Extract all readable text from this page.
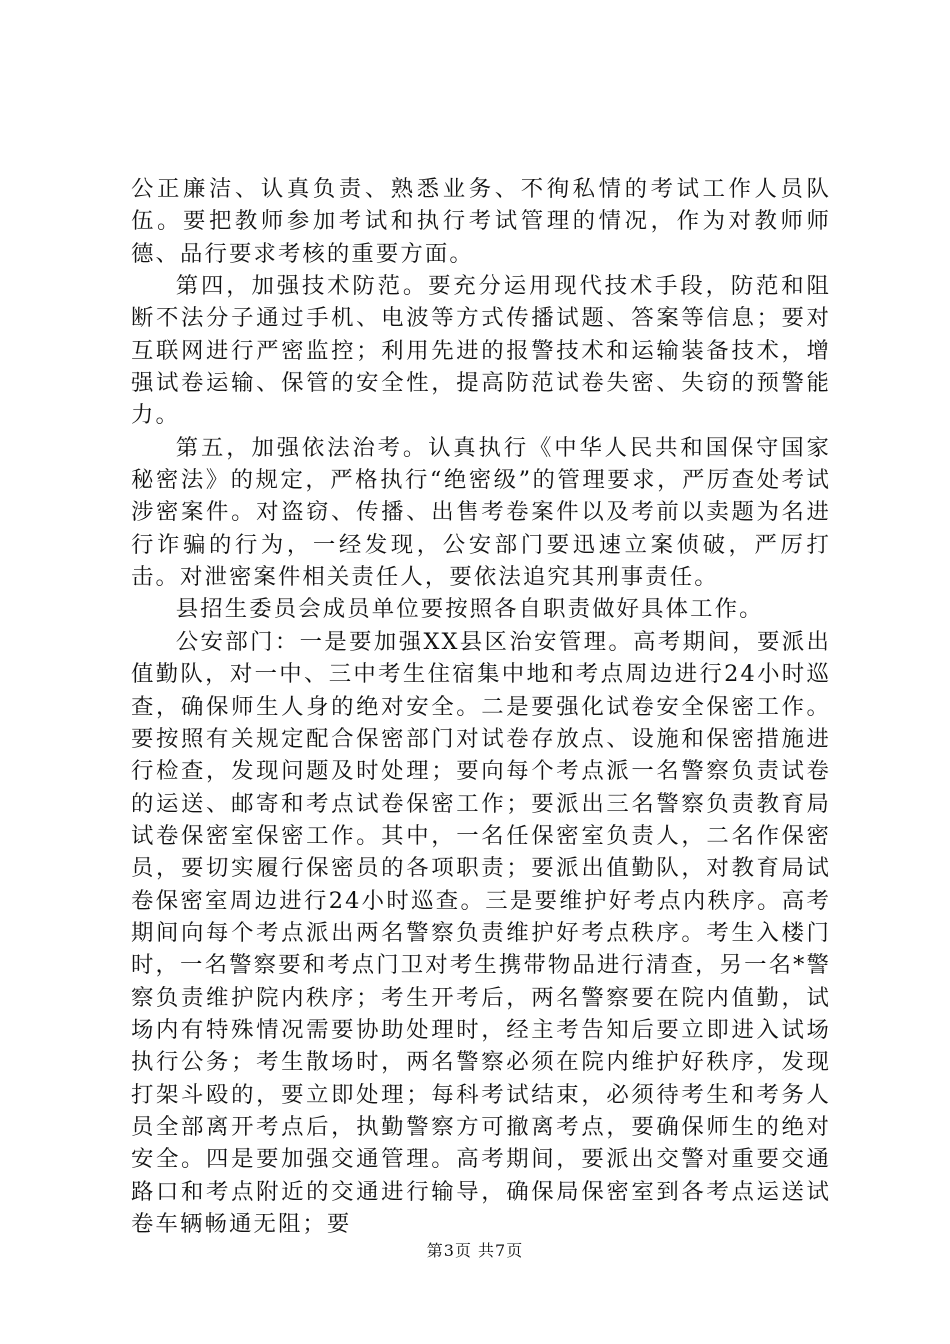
公正廉洁、认真负责、熟悉业务、不徇私情的考试工作人员队伍。要把教师参加考试和执行考试管理的情况，作为对教师师德、品行要求考核的重要方面。

第四，加强技术防范。要充分运用现代技术手段，防范和阻断不法分子通过手机、电波等方式传播试题、答案等信息；要对互联网进行严密监控；利用先进的报警技术和运输装备技术，增强试卷运输、保管的安全性，提高防范试卷失密、失窃的预警能力。

第五，加强依法治考。认真执行《中华人民共和国保守国家秘密法》的规定，严格执行“绝密级”的管理要求，严厉查处考试涉密案件。对盗窃、传播、出售考卷案件以及考前以卖题为名进行诈骗的行为，一经发现，公安部门要迅速立案侦破，严厉打击。对泄密案件相关责任人，要依法追究其刑事责任。

县招生委员会成员单位要按照各自职责做好具体工作。

公安部门：一是要加强XX县区治安管理。高考期间，要派出值勤队，对一中、三中考生住宿集中地和考点周边进行24小时巡查，确保师生人身的绝对安全。二是要强化试卷安全保密工作。要按照有关规定配合保密部门对试卷存放点、设施和保密措施进行检查，发现问题及时处理；要向每个考点派一名警察负责试卷的运送、邮寄和考点试卷保密工作；要派出三名警察负责教育局试卷保密室保密工作。其中，一名任保密室负责人，二名作保密员，要切实履行保密员的各项职责；要派出值勤队，对教育局试卷保密室周边进行24小时巡查。三是要维护好考点内秩序。高考期间向每个考点派出两名警察负责维护好考点秩序。考生入楼门时，一名警察要和考点门卫对考生携带物品进行清查，另一名*警察负责维护院内秩序；考生开考后，两名警察要在院内值勤，试场内有特殊情况需要协助处理时，经主考告知后要立即进入试场执行公务；考生散场时，两名警察必须在院内维护好秩序，发现打架斗殴的，要立即处理；每科考试结束，必须待考生和考务人员全部离开考点后，执勤警察方可撤离考点，要确保师生的绝对安全。四是要加强交通管理。高考期间，要派出交警对重要交通路口和考点附近的交通进行输导，确保局保密室到各考点运送试卷车辆畅通无阻；要

第3页 共7页
